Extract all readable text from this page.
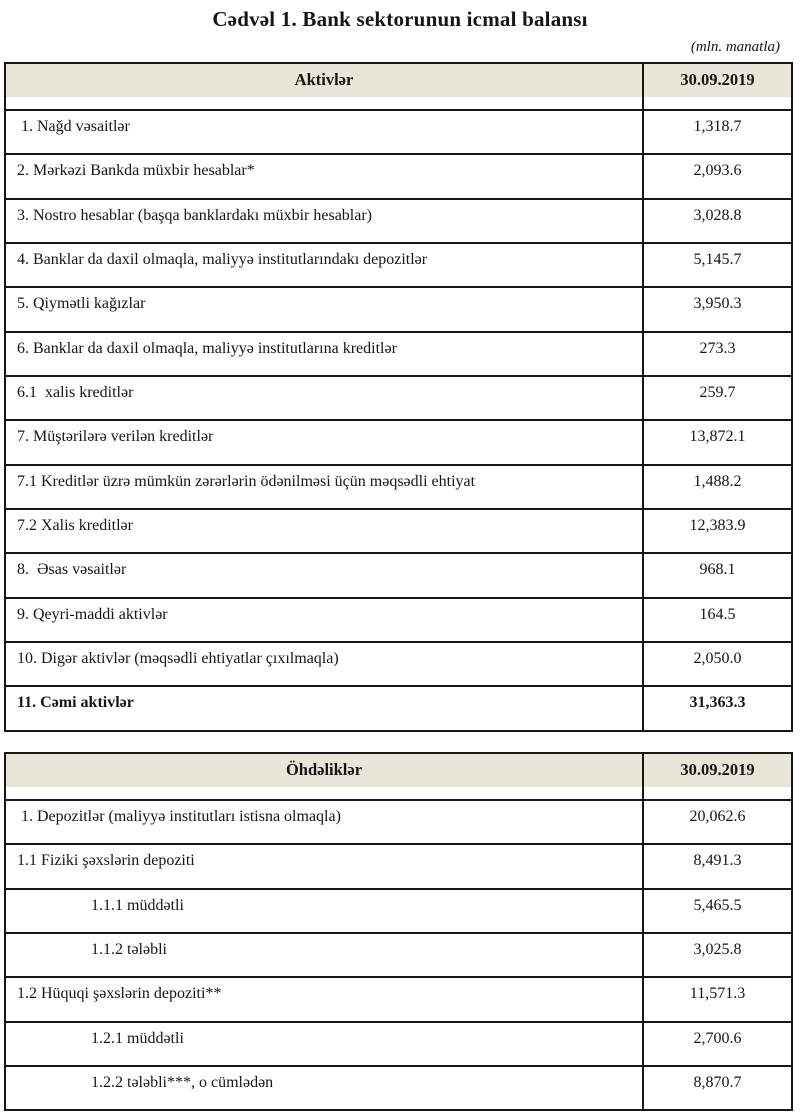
Cədvəl 1. Bank sektorunun icmal balansı
(mln. manatla)
Aktivlər	30.09.2019
1. Nağd vəsaitlər	1,318.7
2. Mərkəzi Bankda müxbir hesablar*	2,093.6
3. Nostro hesablar (başqa banklardakı müxbir hesablar)	3,028.8
4. Banklar da daxil olmaqla, maliyyə institutlarındakı depozitlər	5,145.7
5. Qiymətli kağızlar	3,950.3
6. Banklar da daxil olmaqla, maliyyə institutlarına kreditlər	273.3
6.1  xalis kreditlər	259.7
7. Müştərilərə verilən kreditlər	13,872.1
7.1 Kreditlər üzrə mümkün zərərlərin ödənilməsi üçün məqsədli ehtiyat	1,488.2
7.2 Xalis kreditlər	12,383.9
8.  Əsas vəsaitlər	968.1
9. Qeyri-maddi aktivlər	164.5
10. Digər aktivlər (məqsədli ehtiyatlar çıxılmaqla)	2,050.0
11. Cəmi aktivlər	31,363.3
Öhdəliklər	30.09.2019
1. Depozitlər (maliyyə institutları istisna olmaqla)	20,062.6
1.1 Fiziki şəxslərin depoziti	8,491.3
1.1.1 müddətli	5,465.5
1.1.2 tələbli	3,025.8
1.2 Hüquqi şəxslərin depoziti**	11,571.3
1.2.1 müddətli	2,700.6
1.2.2 tələbli***, o cümlədən	8,870.7
